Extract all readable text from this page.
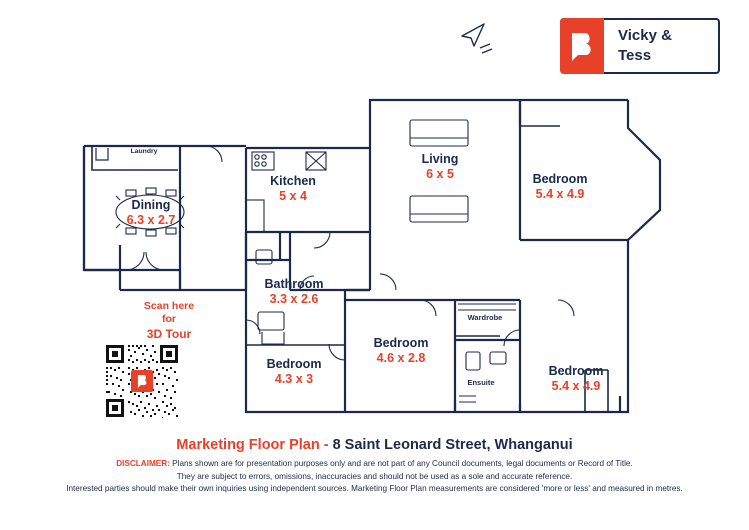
Vicky &
Tess
Laundry
Dining
6.3 x 2.7
Kitchen
5 x 4
Living
6 x 5	Bedroom
5.4 x 4.9
Bathroom
3.3 x 2.6
Bedroom
4.3 x 3
Bedroom
4.6 x 2.8
Wardrobe
Ensuite
Bedroom
5.4 x 4.9
Scan here
for
3D Tour
Marketing Floor Plan - 8 Saint Leonard Street, Whanganui
DISCLAIMER: Plans shown are for presentation purposes only and are not part of any Council documents, legal documents or Record of Title.
They are subject to errors, omissions, inaccuracies and should not be used as a sole and accurate reference.
Interested parties should make their own inquiries using independent sources. Marketing Floor Plan measurements are considered 'more or less' and measured in metres.
